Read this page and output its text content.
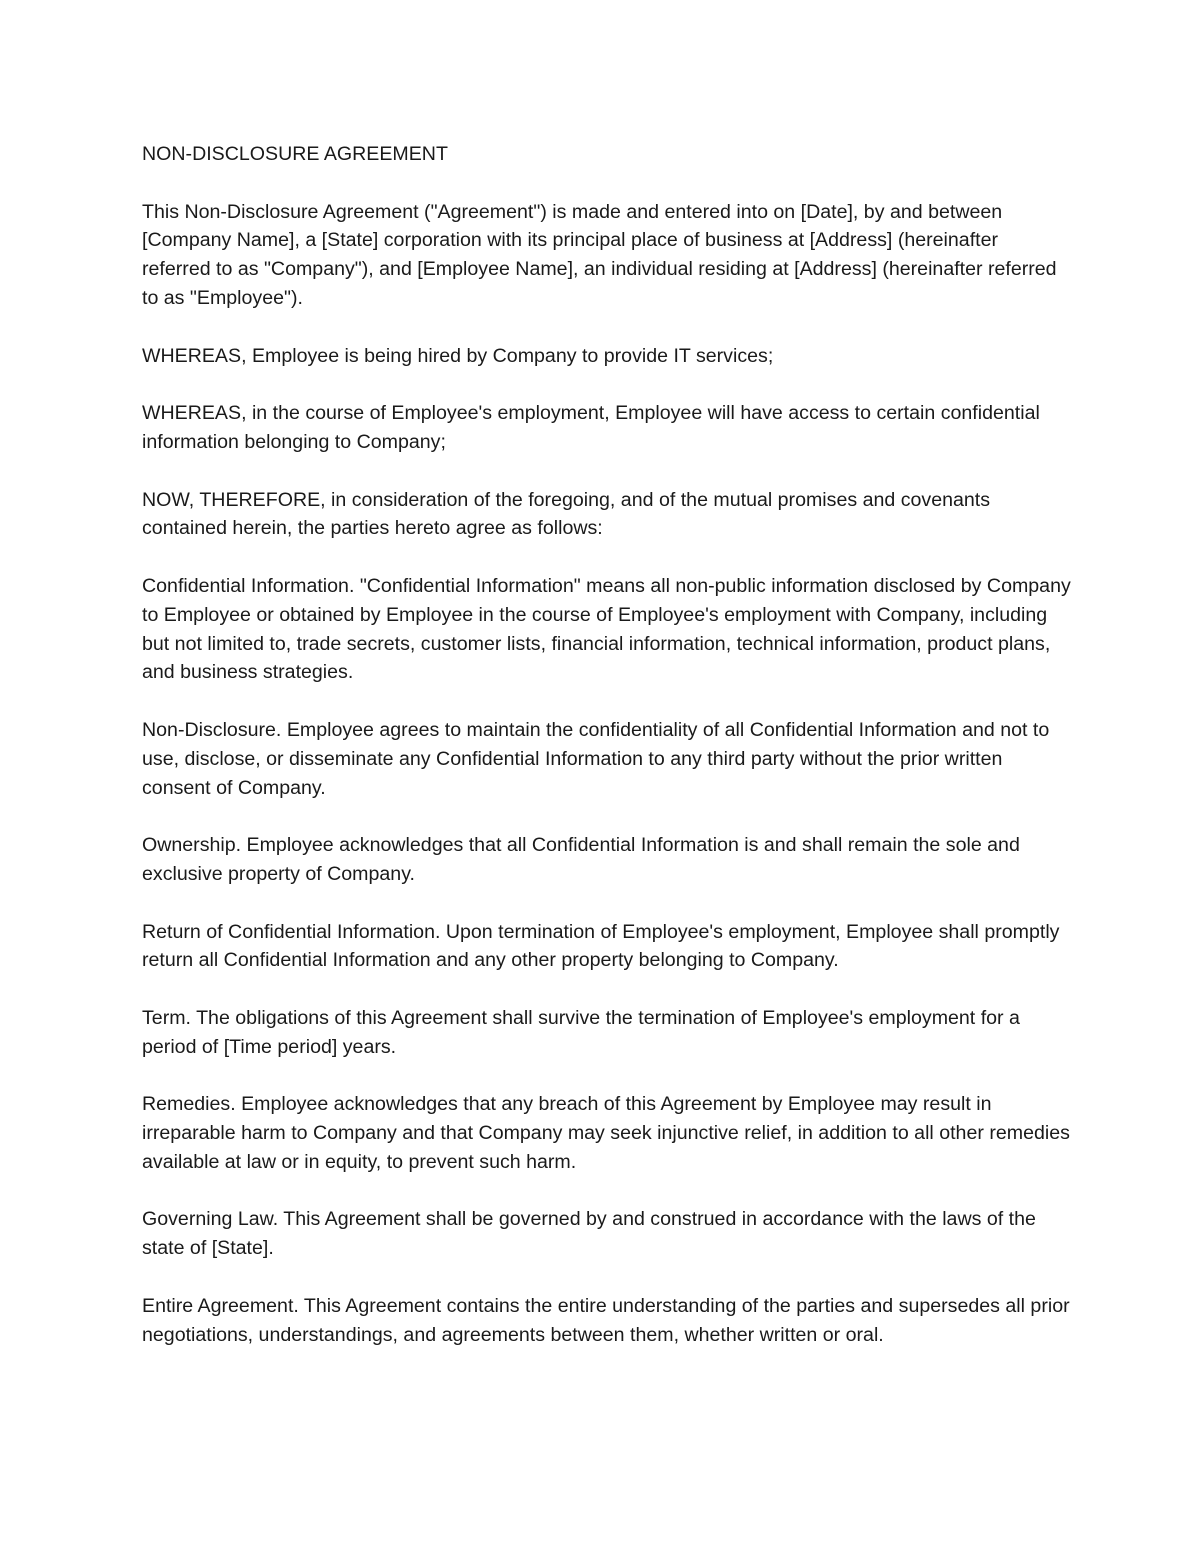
NON-DISCLOSURE AGREEMENT

This Non-Disclosure Agreement ("Agreement") is made and entered into on [Date], by and between [Company Name], a [State] corporation with its principal place of business at [Address] (hereinafter referred to as "Company"), and [Employee Name], an individual residing at [Address] (hereinafter referred to as "Employee").

WHEREAS, Employee is being hired by Company to provide IT services;

WHEREAS, in the course of Employee's employment, Employee will have access to certain confidential information belonging to Company;

NOW, THEREFORE, in consideration of the foregoing, and of the mutual promises and covenants contained herein, the parties hereto agree as follows:

Confidential Information. "Confidential Information" means all non-public information disclosed by Company to Employee or obtained by Employee in the course of Employee's employment with Company, including but not limited to, trade secrets, customer lists, financial information, technical information, product plans, and business strategies.

Non-Disclosure. Employee agrees to maintain the confidentiality of all Confidential Information and not to use, disclose, or disseminate any Confidential Information to any third party without the prior written consent of Company.

Ownership. Employee acknowledges that all Confidential Information is and shall remain the sole and exclusive property of Company.

Return of Confidential Information. Upon termination of Employee's employment, Employee shall promptly return all Confidential Information and any other property belonging to Company.

Term. The obligations of this Agreement shall survive the termination of Employee's employment for a period of [Time period] years.

Remedies. Employee acknowledges that any breach of this Agreement by Employee may result in irreparable harm to Company and that Company may seek injunctive relief, in addition to all other remedies available at law or in equity, to prevent such harm.

Governing Law. This Agreement shall be governed by and construed in accordance with the laws of the state of [State].

Entire Agreement. This Agreement contains the entire understanding of the parties and supersedes all prior negotiations, understandings, and agreements between them, whether written or oral.
